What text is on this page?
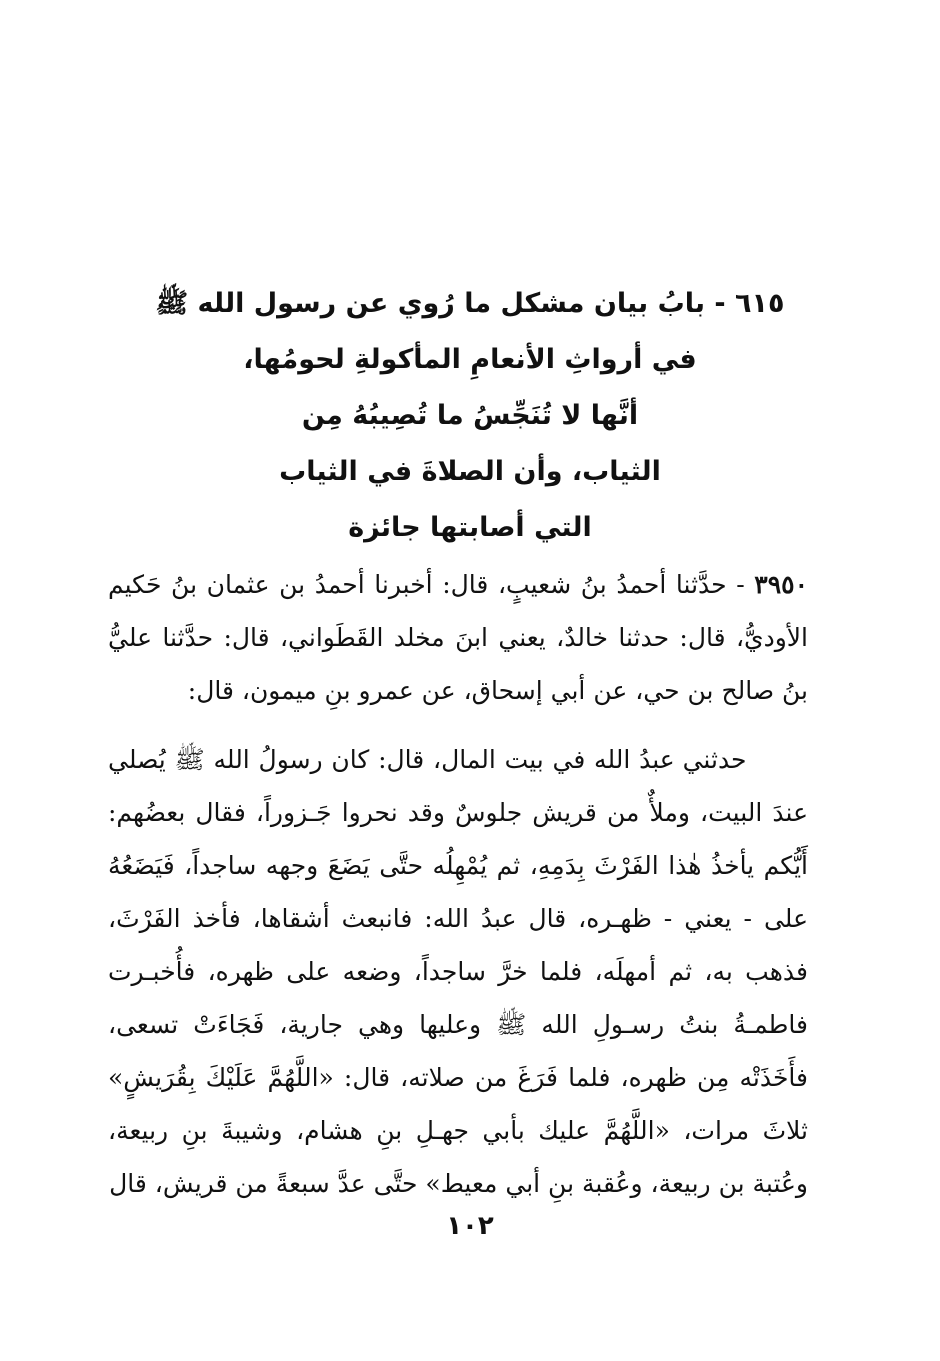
٦١٥ - بابُ بيان مشكل ما رُوي عن رسول الله ﷺ
في أرواثِ الأنعامِ المأكولةِ لحومُها،
أنَّها لا تُنَجِّسُ ما تُصِيبُهُ مِن
الثياب، وأن الصلاةَ في الثياب
التي أصابتها جائزة

٣٩٥٠ - حدَّثنا أحمدُ بنُ شعيبٍ، قال: أخبرنا أحمدُ بن عثمان بنُ حَكيم الأوديُّ، قال: حدثنا خالدٌ، يعني ابنَ مخلد القَطَواني، قال: حدَّثنا عليُّ بنُ صالح بن حي، عن أبي إسحاق، عن عمرو بنِ ميمون، قال:

حدثني عبدُ الله في بيت المال، قال: كان رسولُ الله ﷺ يُصلي عندَ البيت، وملأٌ من قريش جلوسٌ وقد نحروا جَـزوراً، فقال بعضُهم: أَيُّكم يأخذُ هٰذا الفَرْثَ بِدَمِهِ، ثم يُمْهِلُه حتَّى يَضَعَ وجهه ساجداً، فَيَضَعُهُ على - يعني - ظهـره، قال عبدُ الله: فانبعث أشقاها، فأخذ الفَرْثَ، فذهب به، ثم أمهلَه، فلما خرَّ ساجداً، وضعه على ظهره، فأُخبـرت فاطمـةُ بنتُ رسـولِ الله ﷺ وعليها وهي جارية، فَجَاءَتْ تسعى، فأَخَذَتْه مِن ظهره، فلما فَرَغَ من صلاته، قال: «اللَّهُمَّ عَلَيْكَ بِقُرَيشٍ» ثلاثَ مرات، «اللَّهُمَّ عليك بأبي جهـلِ بنِ هشام، وشيبةَ بنِ ربيعة، وعُتبة بن ربيعة، وعُقبة بنِ أبي معيط» حتَّى عدَّ سبعةً من قريش، قال

١٠٢
